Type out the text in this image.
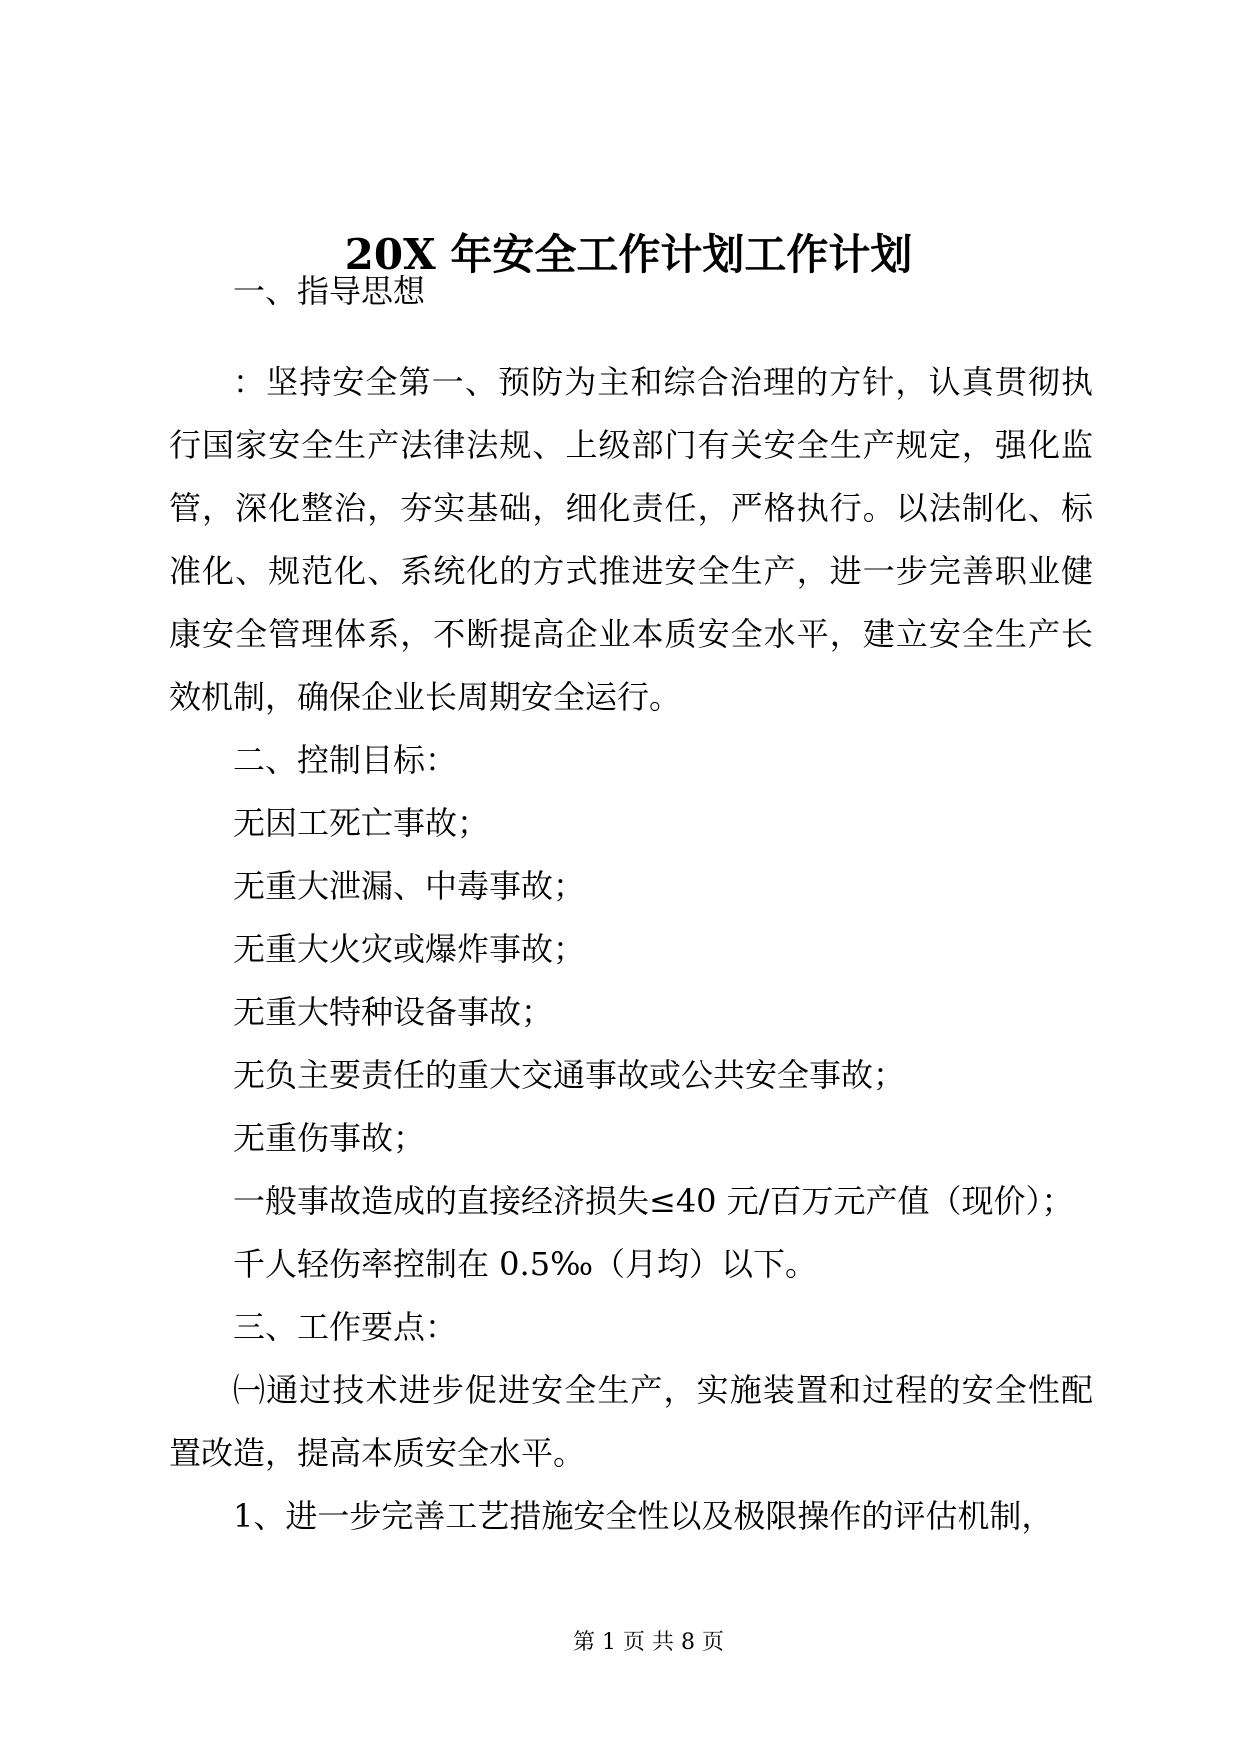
20X 年安全工作计划工作计划
一、指导思想
：坚持安全第一、预防为主和综合治理的方针，认真贯彻执
行国家安全生产法律法规、上级部门有关安全生产规定，强化监
管，深化整治，夯实基础，细化责任，严格执行。以法制化、标
准化、规范化、系统化的方式推进安全生产，进一步完善职业健
康安全管理体系，不断提高企业本质安全水平，建立安全生产长
效机制，确保企业长周期安全运行。
二、控制目标：
无因工死亡事故；
无重大泄漏、中毒事故；
无重大火灾或爆炸事故；
无重大特种设备事故；
无负主要责任的重大交通事故或公共安全事故；
无重伤事故；
一般事故造成的直接经济损失≤40 元/百万元产值（现价）；
千人轻伤率控制在 0.5‰（月均）以下。
三、工作要点：
㈠通过技术进步促进安全生产，实施装置和过程的安全性配
置改造，提高本质安全水平。
1、进一步完善工艺措施安全性以及极限操作的评估机制，
第 1 页 共 8 页
